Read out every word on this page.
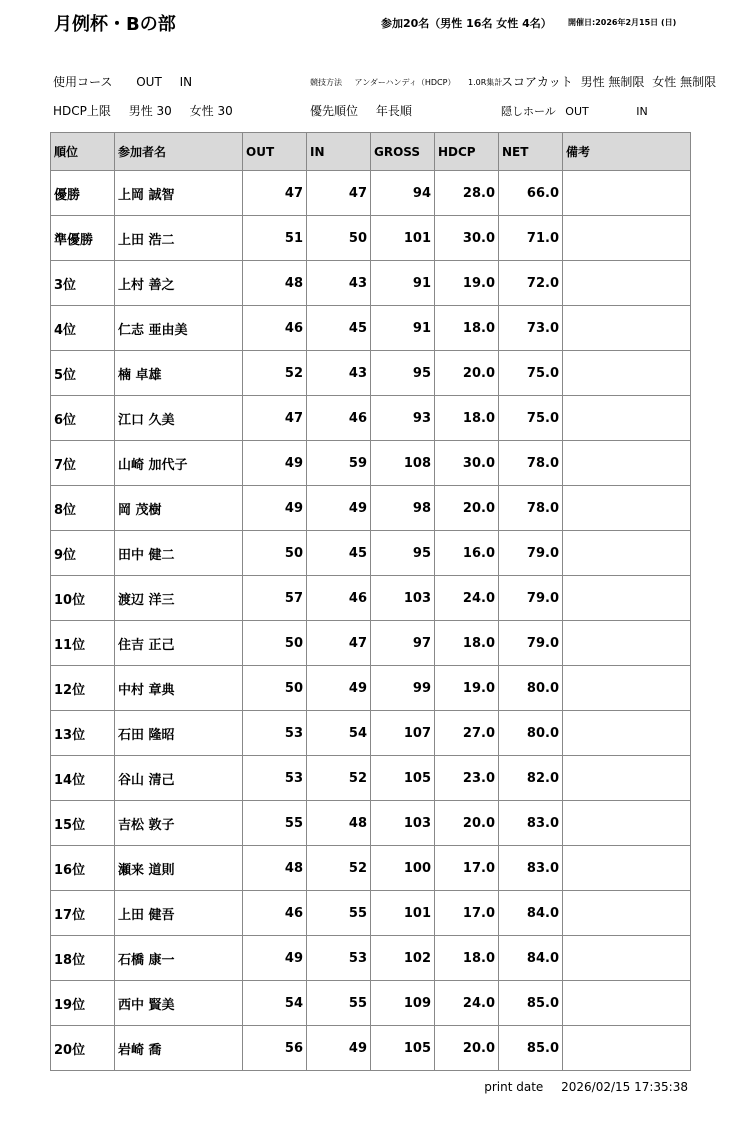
月例杯・Bの部	参加20名（男性 16名 女性 4名） 開催日:2026年2月15日 (日)
使用コース OUT IN	競技方法 アンダーハンディ（HDCP） 1.0R集計
スコアカット 男性 無制限 女性 無制限
HDCP上限 男性 30 女性 30	優先順位 年長順	隠しホール OUT	IN
順位	参加者名	OUT	IN	GROSS	HDCP	NET	備考
優勝	上岡 誠智	47	47	94	28.0	66.0	
準優勝	上田 浩二	51	50	101	30.0	71.0	
3位	上村 善之	48	43	91	19.0	72.0	
4位	仁志 亜由美	46	45	91	18.0	73.0	
5位	楠 卓雄	52	43	95	20.0	75.0	
6位	江口 久美	47	46	93	18.0	75.0	
7位	山崎 加代子	49	59	108	30.0	78.0	
8位	岡 茂樹	49	49	98	20.0	78.0	
9位	田中 健二	50	45	95	16.0	79.0	
10位	渡辺 洋三	57	46	103	24.0	79.0	
11位	住吉 正己	50	47	97	18.0	79.0	
12位	中村 章典	50	49	99	19.0	80.0	
13位	石田 隆昭	53	54	107	27.0	80.0	
14位	谷山 清己	53	52	105	23.0	82.0	
15位	吉松 敦子	55	48	103	20.0	83.0	
16位	瀬来 道則	48	52	100	17.0	83.0	
17位	上田 健吾	46	55	101	17.0	84.0	
18位	石橋 康一	49	53	102	18.0	84.0	
19位	西中 賢美	54	55	109	24.0	85.0	
20位	岩崎 喬	56	49	105	20.0	85.0	
print date 2026/02/15 17:35:38
